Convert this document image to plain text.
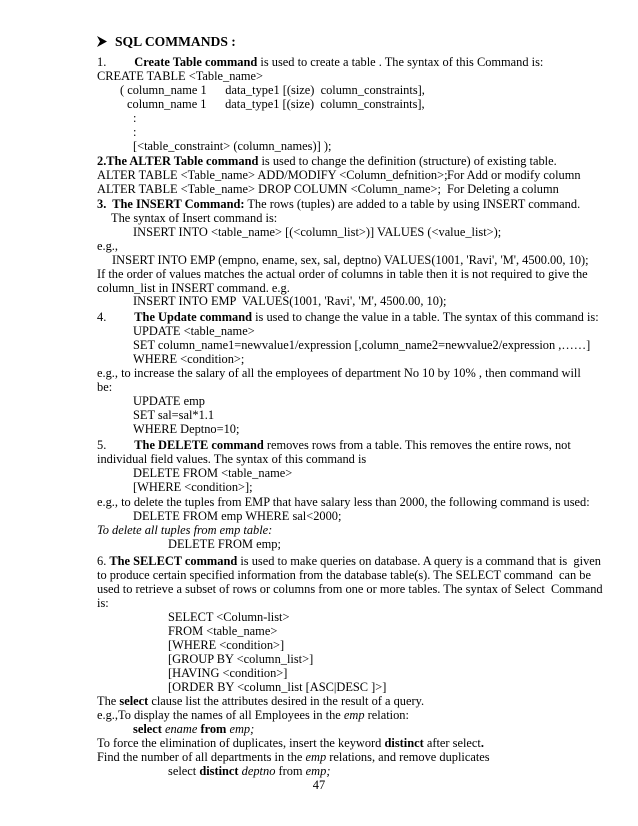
SQL COMMANDS :
1. Create Table command is used to create a table . The syntax of this Command is:
CREATE TABLE <Table_name>
( column_name 1      data_type1 [(size)  column_constraints],
column_name 1      data_type1 [(size)  column_constraints],
:
:
[<table_constraint> (column_names)] );
2.The ALTER Table command is used to change the definition (structure) of existing table.
ALTER TABLE <Table_name> ADD/MODIFY <Column_defnition>; For Add or modify column
ALTER TABLE <Table_name> DROP COLUMN <Column_name>; For Deleting a column
3.  The INSERT Command: The rows (tuples) are added to a table by using INSERT command.
The syntax of Insert command is:
INSERT INTO <table_name> [(<column_list>)] VALUES (<value_list>);
e.g.,
INSERT INTO EMP (empno, ename, sex, sal, deptno) VALUES(1001, 'Ravi', 'M', 4500.00, 10);
If the order of values matches the actual order of columns in table then it is not required to give the
column_list in INSERT command. e.g.
INSERT INTO EMP  VALUES(1001, 'Ravi', 'M', 4500.00, 10);
4. The Update command is used to change the value in a table. The syntax of this command is:
UPDATE <table_name>
SET column_name1=newvalue1/expression [,column_name2=newvalue2/expression ,……]
WHERE <condition>;
e.g., to increase the salary of all the employees of department No 10 by 10% , then command will
be:
UPDATE emp
SET sal=sal*1.1
WHERE Deptno=10;
5. The DELETE command removes rows from a table. This removes the entire rows, not
individual field values. The syntax of this command is
DELETE FROM <table_name>
[WHERE <condition>];
e.g., to delete the tuples from EMP that have salary less than 2000, the following command is used:
DELETE FROM emp WHERE sal<2000;
To delete all tuples from emp table:
DELETE FROM emp;
6. The SELECT command is used to make queries on database. A query is a command that is  given
to produce certain specified information from the database table(s). The SELECT command  can be
used to retrieve a subset of rows or columns from one or more tables. The syntax of Select  Command
is:
SELECT <Column-list>
FROM <table_name>
[WHERE <condition>]
[GROUP BY <column_list>]
[HAVING <condition>]
[ORDER BY <column_list [ASC|DESC ]>]
The select clause list the attributes desired in the result of a query.
e.g.,To display the names of all Employees in the emp relation:
select ename from emp;
To force the elimination of duplicates, insert the keyword distinct after select.
Find the number of all departments in the emp relations, and remove duplicates
select distinct deptno from emp;
47
